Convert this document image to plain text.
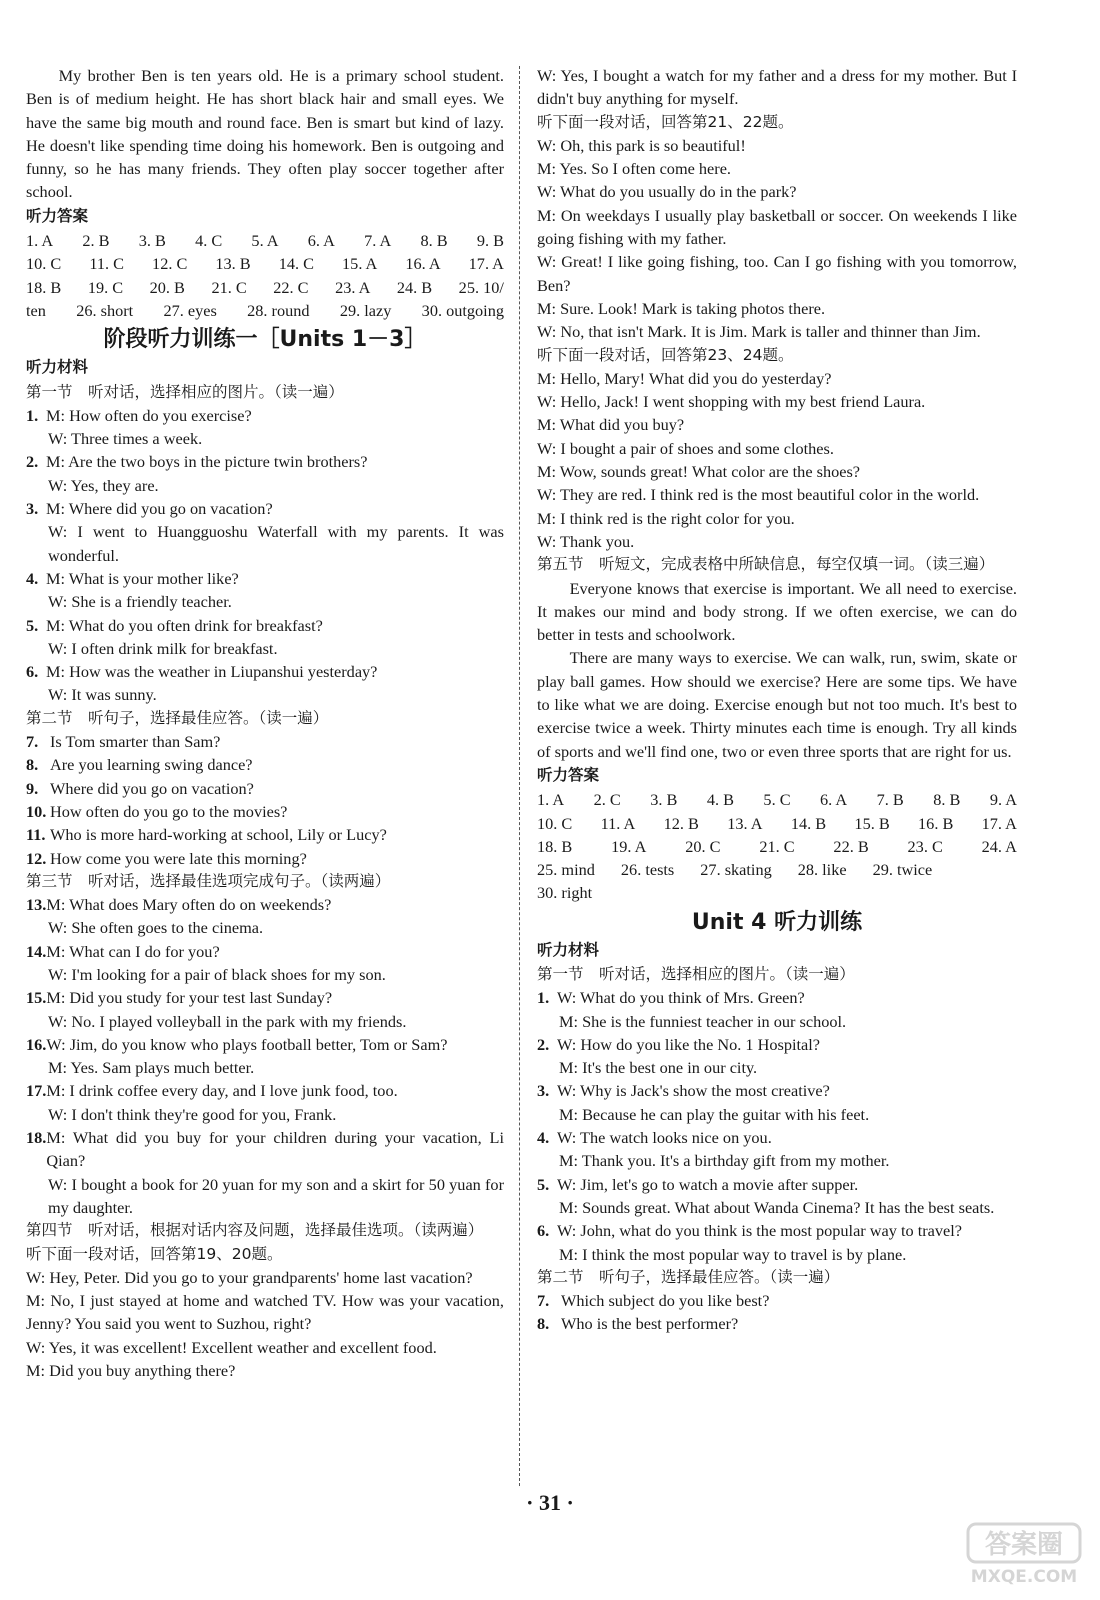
My brother Ben is ten years old. He is a primary school student. Ben is of medium height. He has short black hair and small eyes. We have the same big mouth and round face. Ben is smart but kind of lazy. He doesn't like spending time doing his homework. Ben is outgoing and funny, so he has many friends. They often play soccer together after school.

听力答案

1. A 2. B 3. B 4. C 5. A 6. A 7. A 8. B 9. B
10. C 11. C 12. C 13. B 14. C 15. A 16. A 17. A
18. B 19. C 20. B 21. C 22. C 23. A 24. B 25. 10/
ten 26. short 27. eyes 28. round 29. lazy 30. outgoing
阶段听力训练一［Units 1－3］

听力材料

第一节　听对话，选择相应的图片。（读一遍）

1. M: How often do you exercise?
W: Three times a week.
2. M: Are the two boys in the picture twin brothers?
W: Yes, they are.
3. M: Where did you go on vacation?
W: I went to Huangguoshu Waterfall with my parents. It was wonderful.
4. M: What is your mother like?
W: She is a friendly teacher.
5. M: What do you often drink for breakfast?
W: I often drink milk for breakfast.
6. M: How was the weather in Liupanshui yesterday?
W: It was sunny.

第二节　听句子，选择最佳应答。（读一遍）

7. Is Tom smarter than Sam?
8. Are you learning swing dance?
9. Where did you go on vacation?
10. How often do you go to the movies?
11. Who is more hard-working at school, Lily or Lucy?
12. How come you were late this morning?

第三节　听对话，选择最佳选项完成句子。（读两遍）

13. M: What does Mary often do on weekends?
W: She often goes to the cinema.
14. M: What can I do for you?
W: I'm looking for a pair of black shoes for my son.
15. M: Did you study for your test last Sunday?
W: No. I played volleyball in the park with my friends.
16. W: Jim, do you know who plays football better, Tom or Sam?
M: Yes. Sam plays much better.
17. M: I drink coffee every day, and I love junk food, too.
W: I don't think they're good for you, Frank.
18. M: What did you buy for your children during your vacation, Li Qian?
W: I bought a book for 20 yuan for my son and a skirt for 50 yuan for my daughter.

第四节　听对话，根据对话内容及问题，选择最佳选项。（读两遍）

听下面一段对话，回答第19、20题。

W: Hey, Peter. Did you go to your grandparents' home last vacation?
M: No, I just stayed at home and watched TV. How was your vacation, Jenny? You said you went to Suzhou, right?
W: Yes, it was excellent! Excellent weather and excellent food.
M: Did you buy anything there?
W: Yes, I bought a watch for my father and a dress for my mother. But I didn't buy anything for myself.

听下面一段对话，回答第21、22题。

W: Oh, this park is so beautiful!
M: Yes. So I often come here.
W: What do you usually do in the park?
M: On weekdays I usually play basketball or soccer. On weekends I like going fishing with my father.
W: Great! I like going fishing, too. Can I go fishing with you tomorrow, Ben?
M: Sure. Look! Mark is taking photos there.
W: No, that isn't Mark. It is Jim. Mark is taller and thinner than Jim.

听下面一段对话，回答第23、24题。

M: Hello, Mary! What did you do yesterday?
W: Hello, Jack! I went shopping with my best friend Laura.
M: What did you buy?
W: I bought a pair of shoes and some clothes.
M: Wow, sounds great! What color are the shoes?
W: They are red. I think red is the most beautiful color in the world.
M: I think red is the right color for you.
W: Thank you.

第五节　听短文，完成表格中所缺信息，每空仅填一词。（读三遍）

Everyone knows that exercise is important. We all need to exercise. It makes our mind and body strong. If we often exercise, we can do better in tests and schoolwork.

There are many ways to exercise. We can walk, run, swim, skate or play ball games. How should we exercise? Here are some tips. We have to like what we are doing. Exercise enough but not too much. It's best to exercise twice a week. Thirty minutes each time is enough. Try all kinds of sports and we'll find one, two or even three sports that are right for us.

听力答案

1. A 2. C 3. B 4. B 5. C 6. A 7. B 8. B 9. A
10. C 11. A 12. B 13. A 14. B 15. B 16. B 17. A
18. B 19. A 20. C 21. C 22. B 23. C 24. A
25. mind 26. tests 27. skating 28. like 29. twice
30. right
Unit 4 听力训练

听力材料

第一节　听对话，选择相应的图片。（读一遍）

1. W: What do you think of Mrs. Green?
M: She is the funniest teacher in our school.
2. W: How do you like the No. 1 Hospital?
M: It's the best one in our city.
3. W: Why is Jack's show the most creative?
M: Because he can play the guitar with his feet.
4. W: The watch looks nice on you.
M: Thank you. It's a birthday gift from my mother.
5. W: Jim, let's go to watch a movie after supper.
M: Sounds great. What about Wanda Cinema? It has the best seats.
6. W: John, what do you think is the most popular way to travel?
M: I think the most popular way to travel is by plane.

第二节　听句子，选择最佳应答。（读一遍）

7. Which subject do you like best?
8. Who is the best performer?
· 31 ·
答案圈
MXQE.COM
